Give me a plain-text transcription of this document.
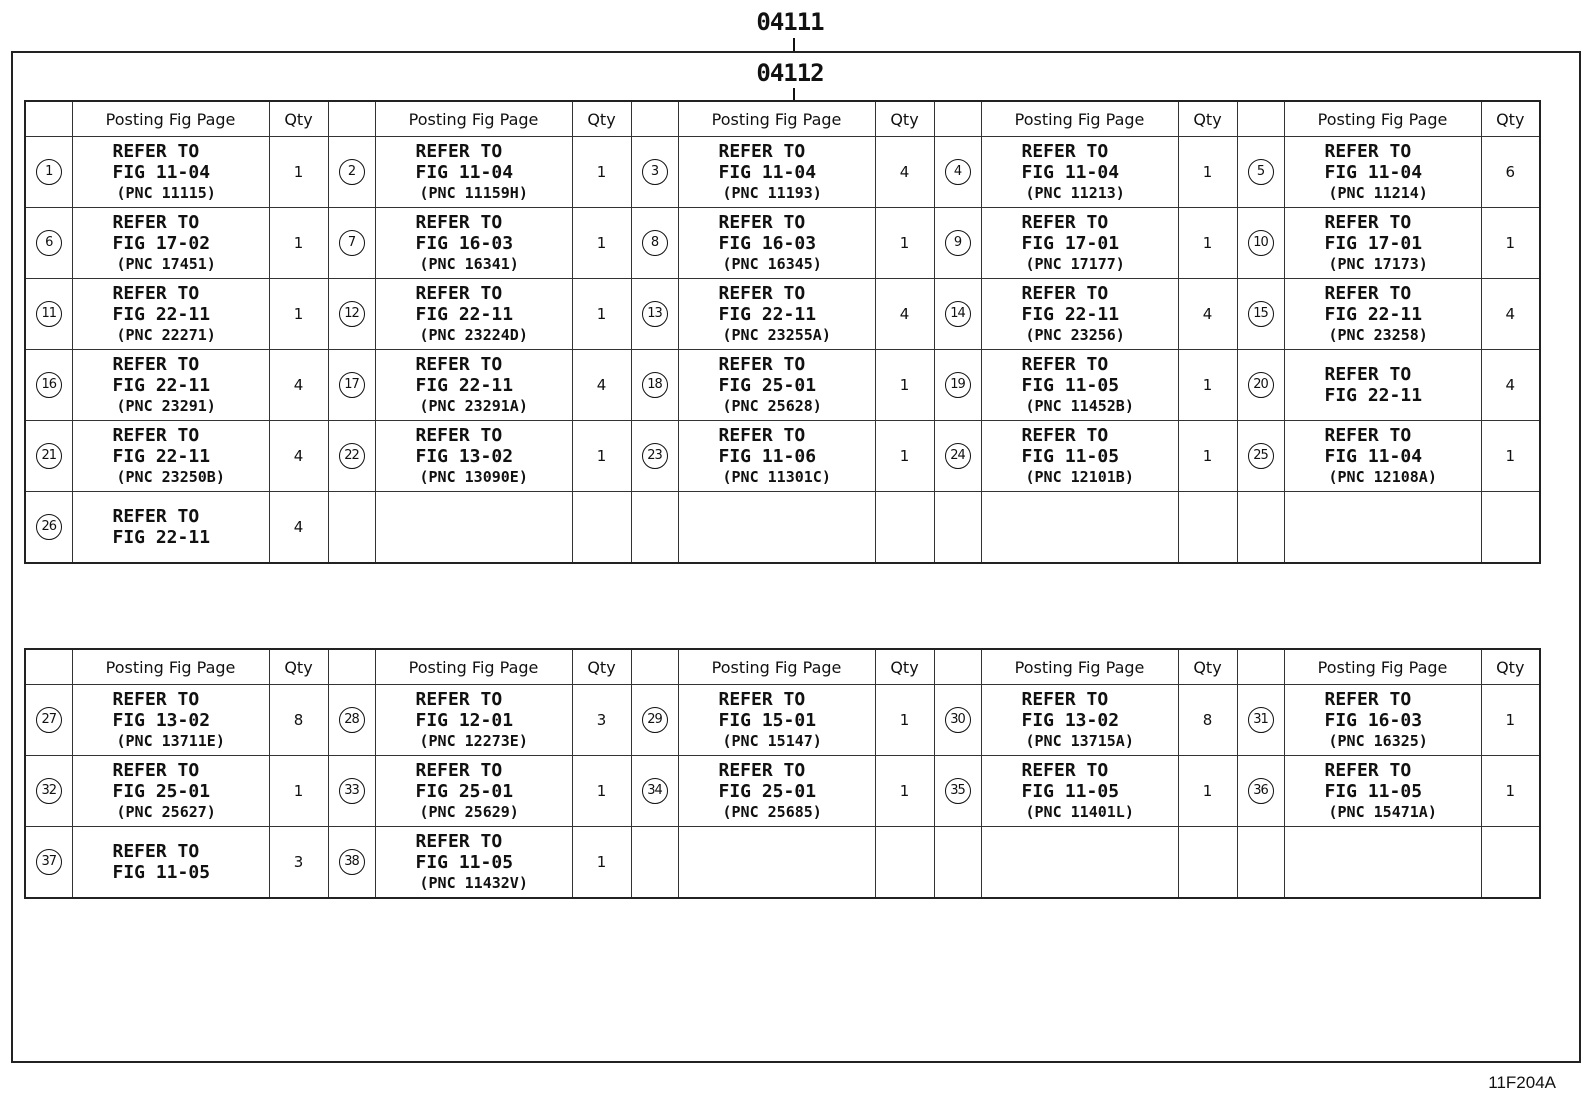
04111
04112
	Posting Fig Page	Qty		Posting Fig Page	Qty		Posting Fig Page	Qty		Posting Fig Page	Qty		Posting Fig Page	Qty
1	REFER TO
FIG 11-04
(PNC 11115)	1	2	REFER TO
FIG 11-04
(PNC 11159H)	1	3	REFER TO
FIG 11-04
(PNC 11193)	4	4	REFER TO
FIG 11-04
(PNC 11213)	1	5	REFER TO
FIG 11-04
(PNC 11214)	6
6	REFER TO
FIG 17-02
(PNC 17451)	1	7	REFER TO
FIG 16-03
(PNC 16341)	1	8	REFER TO
FIG 16-03
(PNC 16345)	1	9	REFER TO
FIG 17-01
(PNC 17177)	1	10	REFER TO
FIG 17-01
(PNC 17173)	1
11	REFER TO
FIG 22-11
(PNC 22271)	1	12	REFER TO
FIG 22-11
(PNC 23224D)	1	13	REFER TO
FIG 22-11
(PNC 23255A)	4	14	REFER TO
FIG 22-11
(PNC 23256)	4	15	REFER TO
FIG 22-11
(PNC 23258)	4
16	REFER TO
FIG 22-11
(PNC 23291)	4	17	REFER TO
FIG 22-11
(PNC 23291A)	4	18	REFER TO
FIG 25-01
(PNC 25628)	1	19	REFER TO
FIG 11-05
(PNC 11452B)	1	20	REFER TO
FIG 22-11	4
21	REFER TO
FIG 22-11
(PNC 23250B)	4	22	REFER TO
FIG 13-02
(PNC 13090E)	1	23	REFER TO
FIG 11-06
(PNC 11301C)	1	24	REFER TO
FIG 11-05
(PNC 12101B)	1	25	REFER TO
FIG 11-04
(PNC 12108A)	1
26	REFER TO
FIG 22-11	4												
	Posting Fig Page	Qty		Posting Fig Page	Qty		Posting Fig Page	Qty		Posting Fig Page	Qty		Posting Fig Page	Qty
27	REFER TO
FIG 13-02
(PNC 13711E)	8	28	REFER TO
FIG 12-01
(PNC 12273E)	3	29	REFER TO
FIG 15-01
(PNC 15147)	1	30	REFER TO
FIG 13-02
(PNC 13715A)	8	31	REFER TO
FIG 16-03
(PNC 16325)	1
32	REFER TO
FIG 25-01
(PNC 25627)	1	33	REFER TO
FIG 25-01
(PNC 25629)	1	34	REFER TO
FIG 25-01
(PNC 25685)	1	35	REFER TO
FIG 11-05
(PNC 11401L)	1	36	REFER TO
FIG 11-05
(PNC 15471A)	1
37	REFER TO
FIG 11-05	3	38	REFER TO
FIG 11-05
(PNC 11432V)	1									
11F204A
